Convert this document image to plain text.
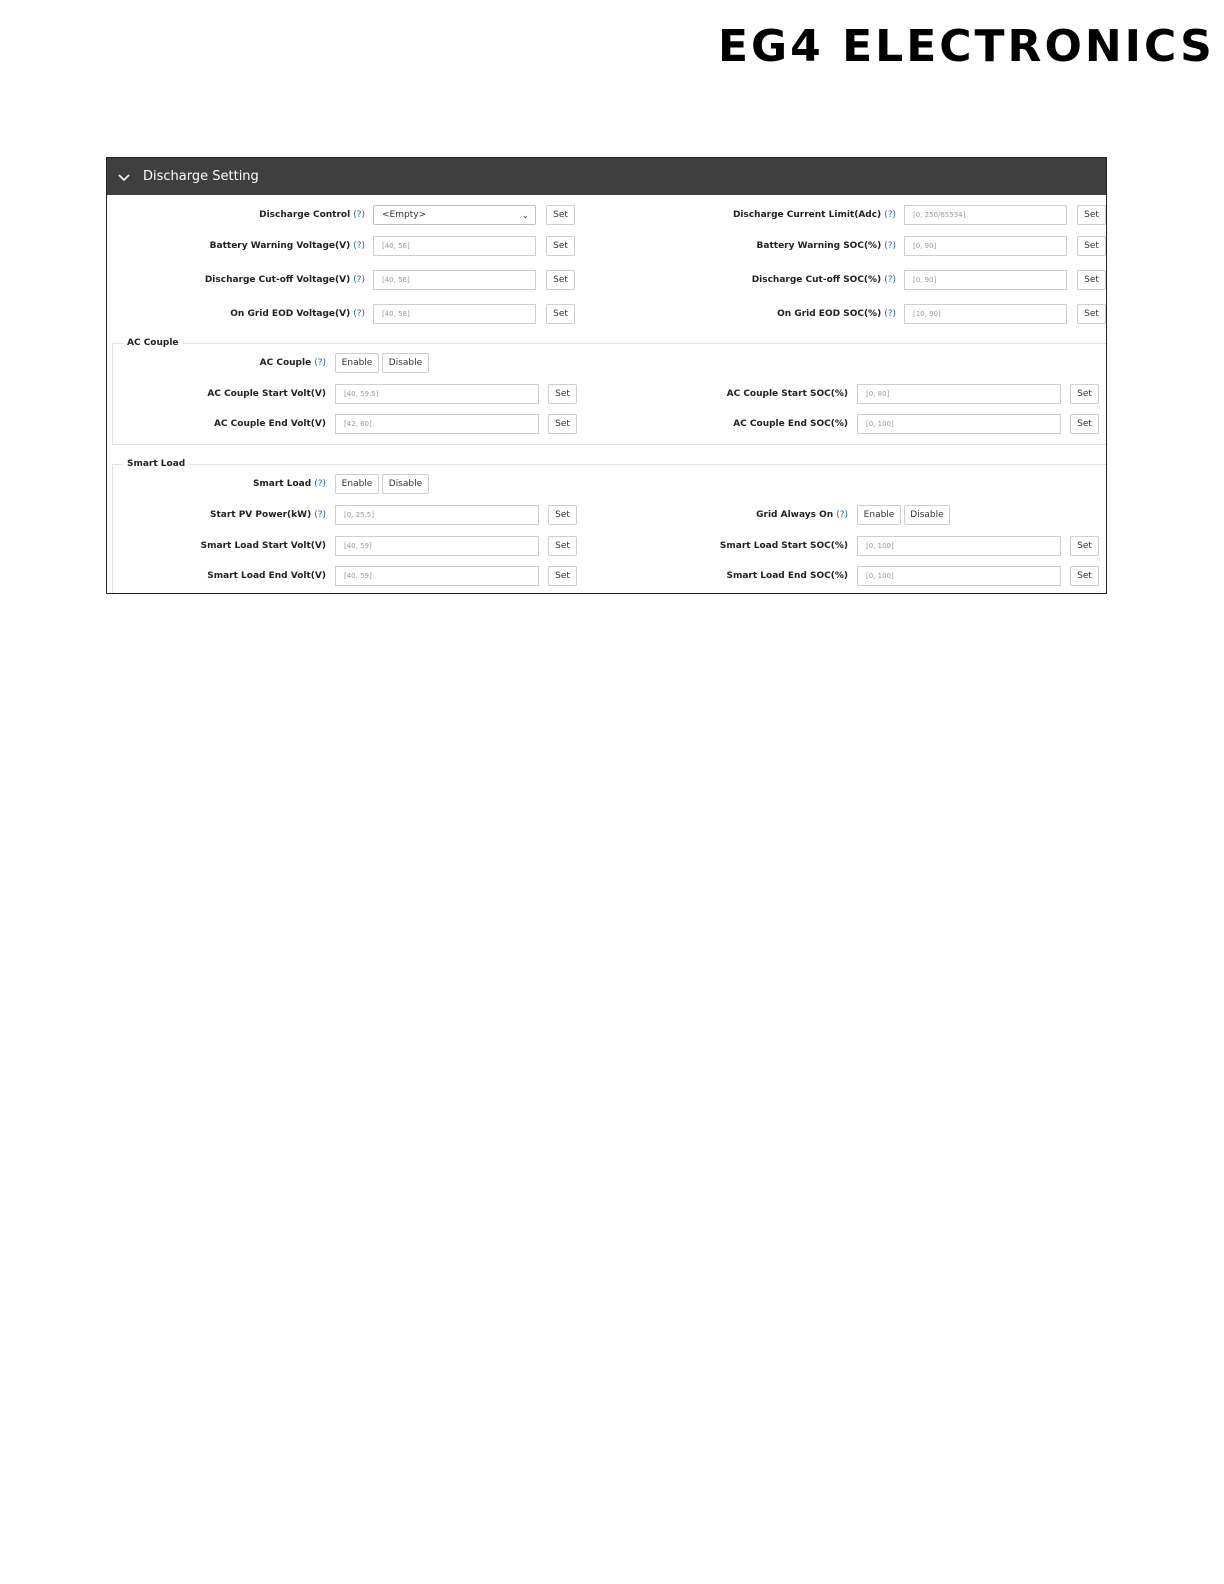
EG4 ELECTRONICS
Discharge Setting
Discharge Control (?)	<Empty>	⌄	Set	Discharge Current Limit(Adc) (?)	[0, 250/65534]	Set
Battery Warning Voltage(V) (?)	[40, 56]	Set	Battery Warning SOC(%) (?)	[0, 90]	Set
Discharge Cut-off Voltage(V) (?)	[40, 56]	Set	Discharge Cut-off SOC(%) (?)	[0, 90]	Set
On Grid EOD Voltage(V) (?)	[40, 58]	Set	On Grid EOD SOC(%) (?)	[10, 90]	Set
AC Couple
AC Couple (?)	Enable	Disable
AC Couple Start Volt(V)	[40, 59.5]	Set	AC Couple Start SOC(%)	[0, 80]	Set
AC Couple End Volt(V)	[42, 60]	Set	AC Couple End SOC(%)	[0, 100]	Set
Smart Load
Smart Load (?)	Enable	Disable
Start PV Power(kW) (?)	[0, 25.5]	Set	Grid Always On (?)	Enable	Disable
Smart Load Start Volt(V)	[40, 59]	Set	Smart Load Start SOC(%)	[0, 100]	Set
Smart Load End Volt(V)	[40, 59]	Set	Smart Load End SOC(%)	[0, 100]	Set
